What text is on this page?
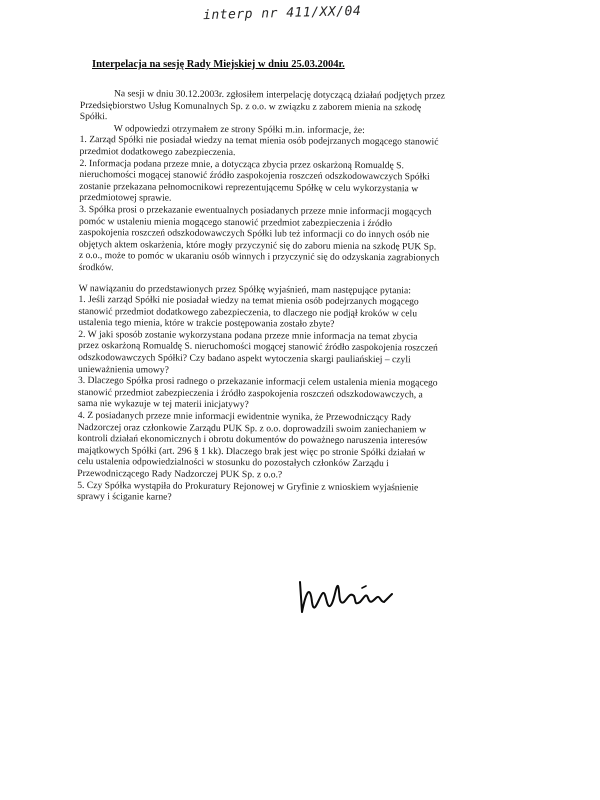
interp nr 411/XX/04
Interpelacja na sesję Rady Miejskiej w dniu 25.03.2004r.
Na sesji w dniu 30.12.2003r. zgłosiłem interpelację dotyczącą działań podjętych przez
Przedsiębiorstwo Usług Komunalnych Sp. z o.o. w związku z zaborem mienia na szkodę
Spółki.
W odpowiedzi otrzymałem ze strony Spółki m.in. informacje, że:
1. Zarząd Spółki nie posiadał wiedzy na temat mienia osób podejrzanych mogącego stanowić
przedmiot dodatkowego zabezpieczenia.
2. Informacja podana przeze mnie, a dotycząca zbycia przez oskarżoną Romualdę S.
nieruchomości mogącej stanowić źródło zaspokojenia roszczeń odszkodowawczych Spółki
zostanie przekazana pełnomocnikowi reprezentującemu Spółkę w celu wykorzystania w
przedmiotowej sprawie.
3. Spółka prosi o przekazanie ewentualnych posiadanych przeze mnie informacji mogących
pomóc w ustaleniu mienia mogącego stanowić przedmiot zabezpieczenia i źródło
zaspokojenia roszczeń odszkodowawczych Spółki lub też informacji co do innych osób nie
objętych aktem oskarżenia, które mogły przyczynić się do zaboru mienia na szkodę PUK Sp.
z o.o., może to pomóc w ukaraniu osób winnych i przyczynić się do odzyskania zagrabionych
środków.
W nawiązaniu do przedstawionych przez Spółkę wyjaśnień, mam następujące pytania:
1. Jeśli zarząd Spółki nie posiadał wiedzy na temat mienia osób podejrzanych mogącego
stanowić przedmiot dodatkowego zabezpieczenia, to dlaczego nie podjął kroków w celu
ustalenia tego mienia, które w trakcie postępowania zostało zbyte?
2. W jaki sposób zostanie wykorzystana podana przeze mnie informacja na temat zbycia
przez oskarżoną Romualdę S. nieruchomości mogącej stanowić źródło zaspokojenia roszczeń
odszkodowawczych Spółki? Czy badano aspekt wytoczenia skargi pauliańskiej – czyli
unieważnienia umowy?
3. Dlaczego Spółka prosi radnego o przekazanie informacji celem ustalenia mienia mogącego
stanowić przedmiot zabezpieczenia i źródło zaspokojenia roszczeń odszkodowawczych, a
sama nie wykazuje w tej materii inicjatywy?
4. Z posiadanych przeze mnie informacji ewidentnie wynika, że Przewodniczący Rady
Nadzorczej oraz członkowie Zarządu PUK Sp. z o.o. doprowadzili swoim zaniechaniem w
kontroli działań ekonomicznych i obrotu dokumentów do poważnego naruszenia interesów
majątkowych Spółki (art. 296 § 1 kk). Dlaczego brak jest więc po stronie Spółki działań w
celu ustalenia odpowiedzialności w stosunku do pozostałych członków Zarządu i
Przewodniczącego Rady Nadzorczej PUK Sp. z o.o.?
5. Czy Spółka wystąpiła do Prokuratury Rejonowej w Gryfinie z wnioskiem wyjaśnienie
sprawy i ściganie karne?
